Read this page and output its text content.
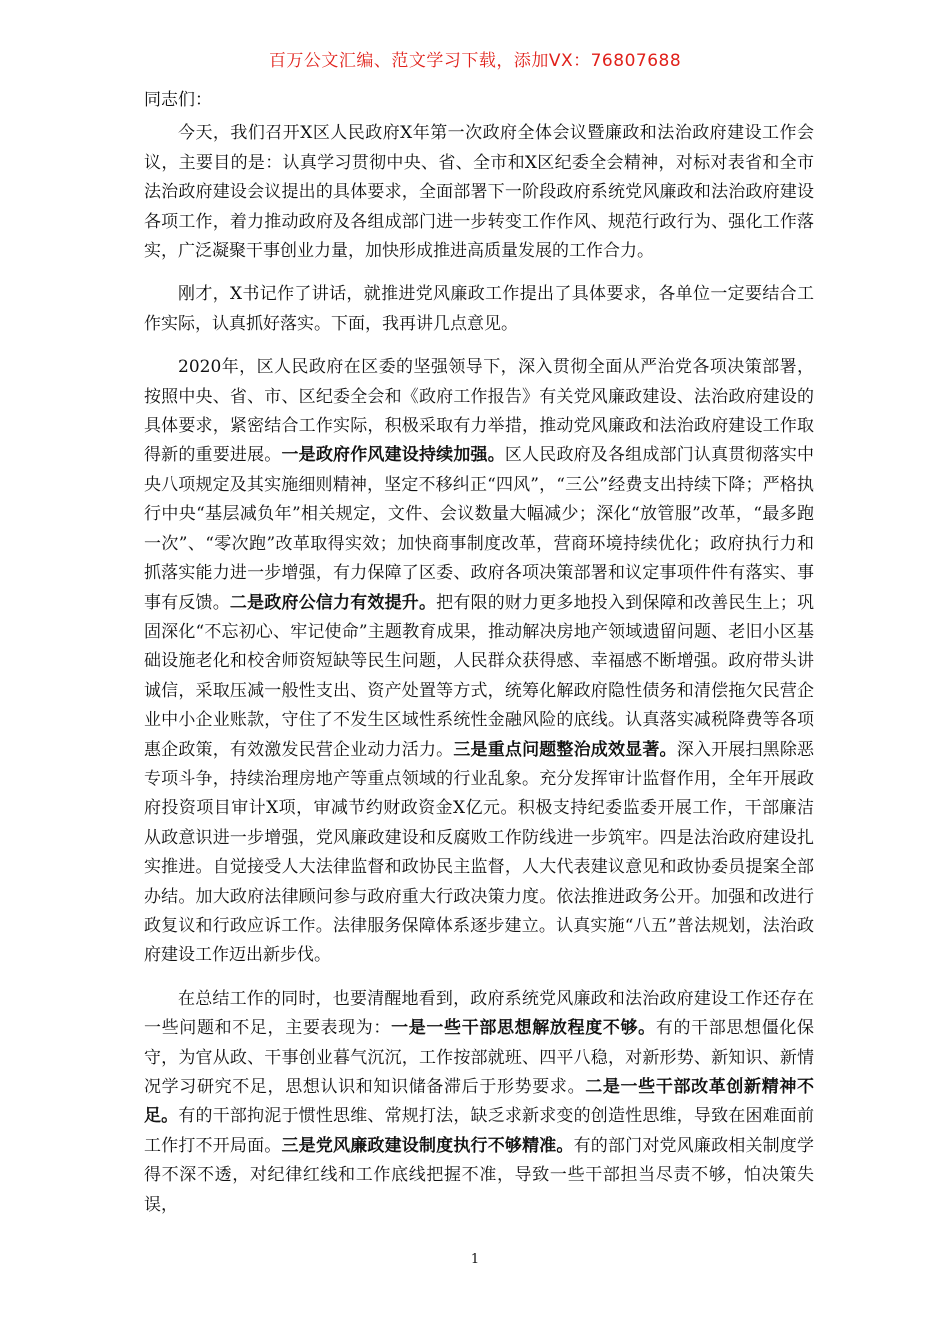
百万公文汇编、范文学习下载，添加VX：76807688

同志们：

今天，我们召开X区人民政府X年第一次政府全体会议暨廉政和法治政府建设工作会议，主要目的是：认真学习贯彻中央、省、全市和X区纪委全会精神，对标对表省和全市法治政府建设会议提出的具体要求，全面部署下一阶段政府系统党风廉政和法治政府建设各项工作，着力推动政府及各组成部门进一步转变工作作风、规范行政行为、强化工作落实，广泛凝聚干事创业力量，加快形成推进高质量发展的工作合力。

刚才，X书记作了讲话，就推进党风廉政工作提出了具体要求，各单位一定要结合工作实际，认真抓好落实。下面，我再讲几点意见。

2020年，区人民政府在区委的坚强领导下，深入贯彻全面从严治党各项决策部署，按照中央、省、市、区纪委全会和《政府工作报告》有关党风廉政建设、法治政府建设的具体要求，紧密结合工作实际，积极采取有力举措，推动党风廉政和法治政府建设工作取得新的重要进展。一是政府作风建设持续加强。区人民政府及各组成部门认真贯彻落实中央八项规定及其实施细则精神，坚定不移纠正“四风”，“三公”经费支出持续下降；严格执行中央“基层减负年”相关规定，文件、会议数量大幅减少；深化“放管服”改革，“最多跑一次”、“零次跑”改革取得实效；加快商事制度改革，营商环境持续优化；政府执行力和抓落实能力进一步增强，有力保障了区委、政府各项决策部署和议定事项件件有落实、事事有反馈。二是政府公信力有效提升。把有限的财力更多地投入到保障和改善民生上；巩固深化“不忘初心、牢记使命”主题教育成果，推动解决房地产领域遗留问题、老旧小区基础设施老化和校舍师资短缺等民生问题，人民群众获得感、幸福感不断增强。政府带头讲诚信，采取压减一般性支出、资产处置等方式，统筹化解政府隐性债务和清偿拖欠民营企业中小企业账款，守住了不发生区域性系统性金融风险的底线。认真落实减税降费等各项惠企政策，有效激发民营企业动力活力。三是重点问题整治成效显著。深入开展扫黑除恶专项斗争，持续治理房地产等重点领域的行业乱象。充分发挥审计监督作用，全年开展政府投资项目审计X项，审减节约财政资金X亿元。积极支持纪委监委开展工作，干部廉洁从政意识进一步增强，党风廉政建设和反腐败工作防线进一步筑牢。四是法治政府建设扎实推进。自觉接受人大法律监督和政协民主监督，人大代表建议意见和政协委员提案全部办结。加大政府法律顾问参与政府重大行政决策力度。依法推进政务公开。加强和改进行政复议和行政应诉工作。法律服务保障体系逐步建立。认真实施“八五”普法规划，法治政府建设工作迈出新步伐。

在总结工作的同时，也要清醒地看到，政府系统党风廉政和法治政府建设工作还存在一些问题和不足，主要表现为：一是一些干部思想解放程度不够。有的干部思想僵化保守，为官从政、干事创业暮气沉沉，工作按部就班、四平八稳，对新形势、新知识、新情况学习研究不足，思想认识和知识储备滞后于形势要求。二是一些干部改革创新精神不足。有的干部拘泥于惯性思维、常规打法，缺乏求新求变的创造性思维，导致在困难面前工作打不开局面。三是党风廉政建设制度执行不够精准。有的部门对党风廉政相关制度学得不深不透，对纪律红线和工作底线把握不准，导致一些干部担当尽责不够，怕决策失误，

1
